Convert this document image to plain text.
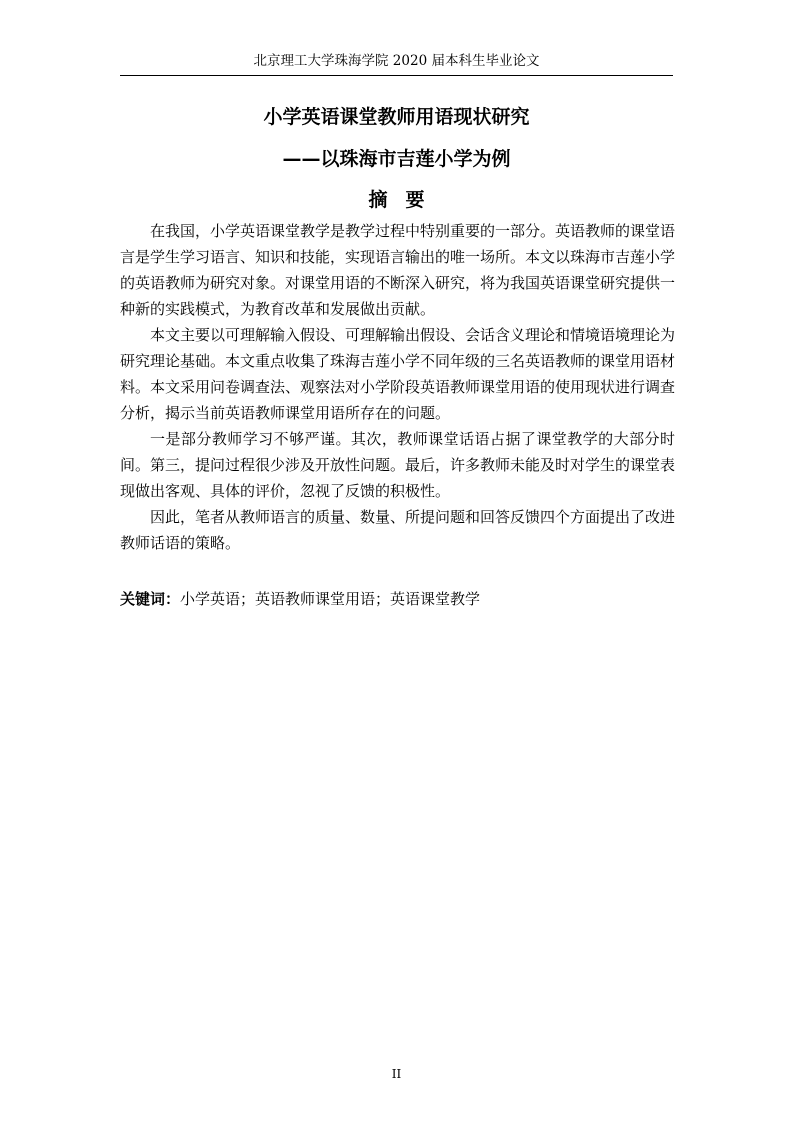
北京理工大学珠海学院 2020 届本科生毕业论文
小学英语课堂教师用语现状研究
——以珠海市吉莲小学为例
摘要

在我国，小学英语课堂教学是教学过程中特别重要的一部分。英语教师的课堂语言是学生学习语言、知识和技能，实现语言输出的唯一场所。本文以珠海市吉莲小学的英语教师为研究对象。对课堂用语的不断深入研究，将为我国英语课堂研究提供一种新的实践模式，为教育改革和发展做出贡献。

本文主要以可理解输入假设、可理解输出假设、会话含义理论和情境语境理论为研究理论基础。本文重点收集了珠海吉莲小学不同年级的三名英语教师的课堂用语材料。本文采用问卷调查法、观察法对小学阶段英语教师课堂用语的使用现状进行调查分析，揭示当前英语教师课堂用语所存在的问题。

一是部分教师学习不够严谨。其次，教师课堂话语占据了课堂教学的大部分时间。第三，提问过程很少涉及开放性问题。最后，许多教师未能及时对学生的课堂表现做出客观、具体的评价，忽视了反馈的积极性。

因此，笔者从教师语言的质量、数量、所提问题和回答反馈四个方面提出了改进教师话语的策略。

关键词：小学英语；英语教师课堂用语；英语课堂教学
II
